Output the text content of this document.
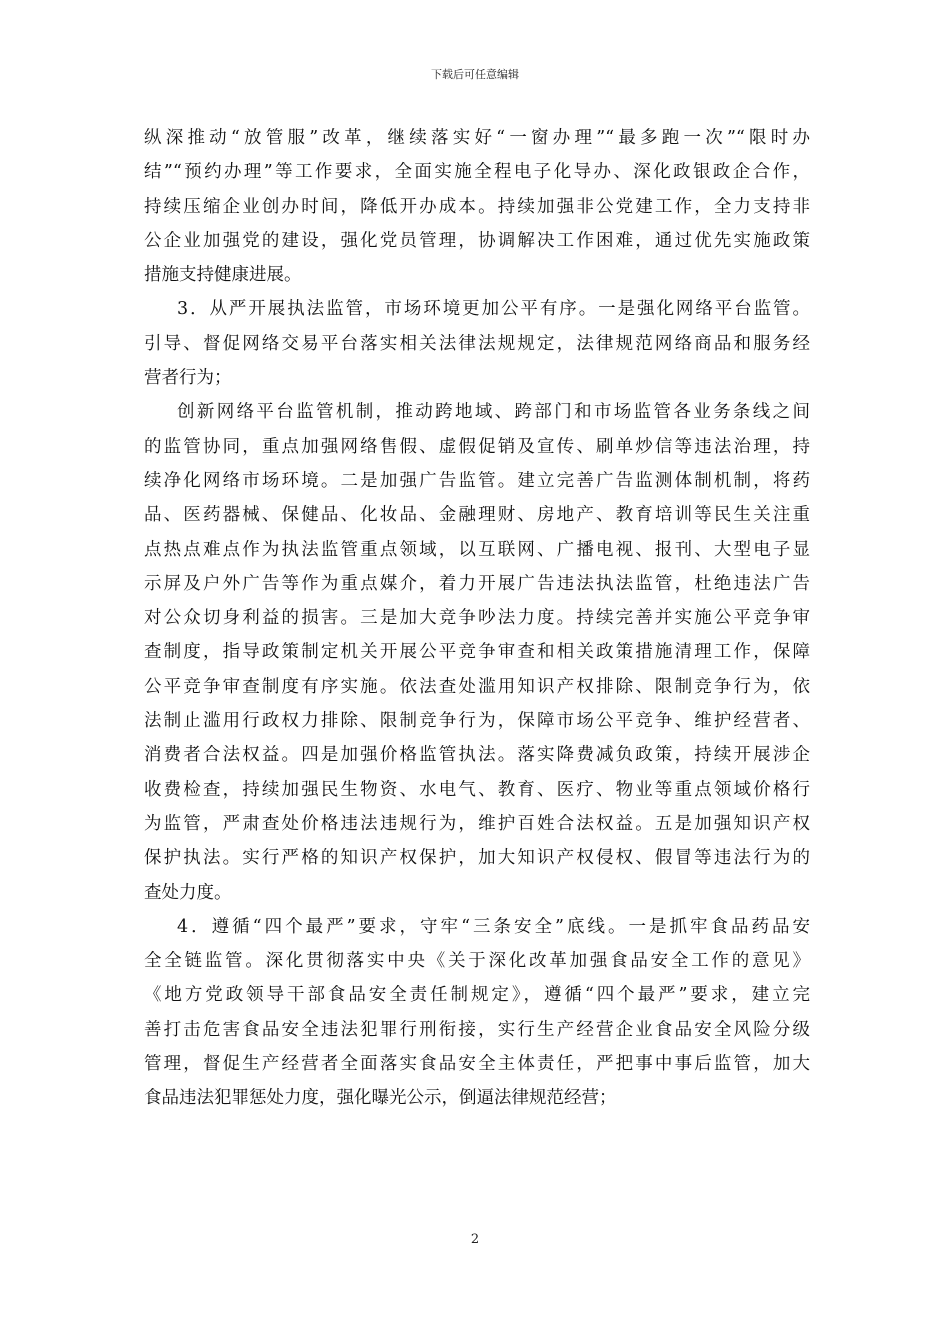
下载后可任意编辑
纵深推动“放管服”改革，继续落实好“一窗办理”“最多跑一次”“限时办
结”“预约办理”等工作要求，全面实施全程电子化导办、深化政银政企合作，
持续压缩企业创办时间，降低开办成本。持续加强非公党建工作，全力支持非
公企业加强党的建设，强化党员管理，协调解决工作困难，通过优先实施政策
措施支持健康进展。
3．从严开展执法监管，市场环境更加公平有序。一是强化网络平台监管。
引导、督促网络交易平台落实相关法律法规规定，法律规范网络商品和服务经
营者行为；
创新网络平台监管机制，推动跨地域、跨部门和市场监管各业务条线之间
的监管协同，重点加强网络售假、虚假促销及宣传、刷单炒信等违法治理，持
续净化网络市场环境。二是加强广告监管。建立完善广告监测体制机制，将药
品、医药器械、保健品、化妆品、金融理财、房地产、教育培训等民生关注重
点热点难点作为执法监管重点领域，以互联网、广播电视、报刊、大型电子显
示屏及户外广告等作为重点媒介，着力开展广告违法执法监管，杜绝违法广告
对公众切身利益的损害。三是加大竞争吵法力度。持续完善并实施公平竞争审
查制度，指导政策制定机关开展公平竞争审查和相关政策措施清理工作，保障
公平竞争审查制度有序实施。依法查处滥用知识产权排除、限制竞争行为，依
法制止滥用行政权力排除、限制竞争行为，保障市场公平竞争、维护经营者、
消费者合法权益。四是加强价格监管执法。落实降费减负政策，持续开展涉企
收费检查，持续加强民生物资、水电气、教育、医疗、物业等重点领域价格行
为监管，严肃查处价格违法违规行为，维护百姓合法权益。五是加强知识产权
保护执法。实行严格的知识产权保护，加大知识产权侵权、假冒等违法行为的
查处力度。
4．遵循“四个最严”要求，守牢“三条安全”底线。一是抓牢食品药品安
全全链监管。深化贯彻落实中央《关于深化改革加强食品安全工作的意见》
《地方党政领导干部食品安全责任制规定》，遵循“四个最严”要求，建立完
善打击危害食品安全违法犯罪行刑衔接，实行生产经营企业食品安全风险分级
管理，督促生产经营者全面落实食品安全主体责任，严把事中事后监管，加大
食品违法犯罪惩处力度，强化曝光公示，倒逼法律规范经营；
2
